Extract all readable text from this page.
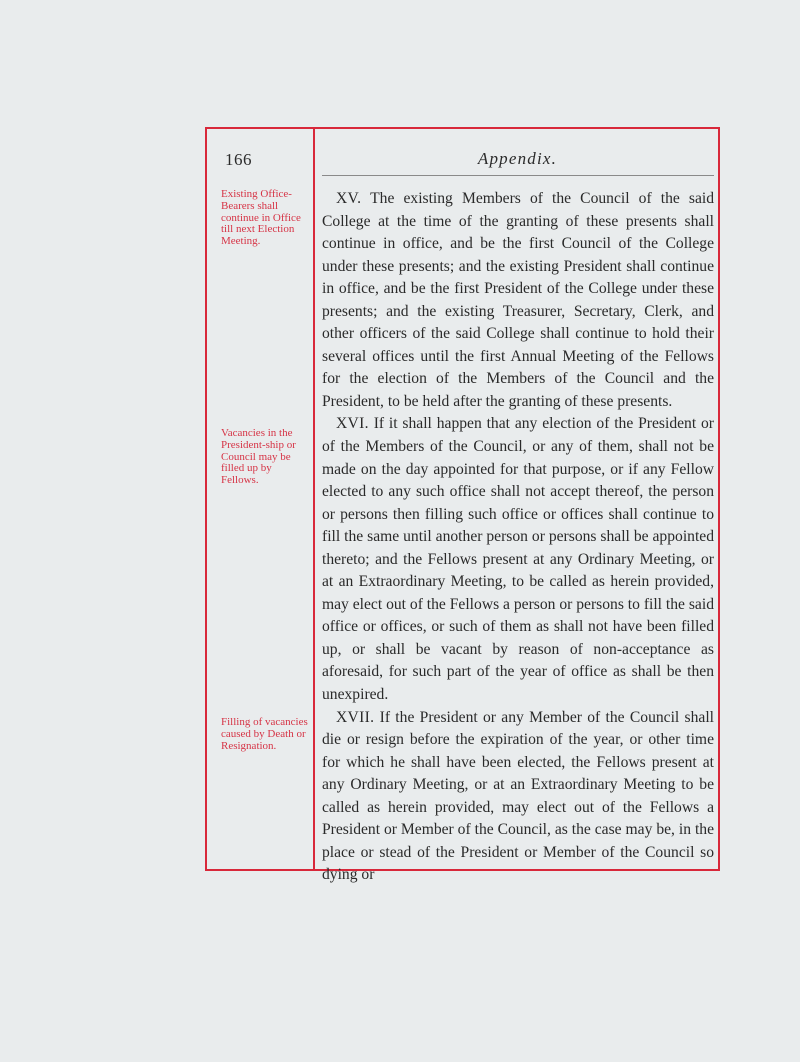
166	Appendix.
Existing Office-Bearers shall continue in Office till next Election Meeting.
Vacancies in the President-ship or Council may be filled up by Fellows.
Filling of vacancies caused by Death or Resignation.

XV. The existing Members of the Council of the said College at the time of the granting of these presents shall continue in office, and be the first Council of the College under these presents; and the existing President shall continue in office, and be the first President of the College under these presents; and the existing Treasurer, Secretary, Clerk, and other officers of the said College shall continue to hold their several offices until the first Annual Meeting of the Fellows for the election of the Members of the Council and the President, to be held after the granting of these presents.

XVI. If it shall happen that any election of the President or of the Members of the Council, or any of them, shall not be made on the day appointed for that purpose, or if any Fellow elected to any such office shall not accept thereof, the person or persons then filling such office or offices shall continue to fill the same until another person or persons shall be appointed thereto; and the Fellows present at any Ordinary Meeting, or at an Extraordinary Meeting, to be called as herein provided, may elect out of the Fellows a person or persons to fill the said office or offices, or such of them as shall not have been filled up, or shall be vacant by reason of non-acceptance as aforesaid, for such part of the year of office as shall be then unexpired.

XVII. If the President or any Member of the Council shall die or resign before the expiration of the year, or other time for which he shall have been elected, the Fellows present at any Ordinary Meeting, or at an Extraordinary Meeting to be called as herein provided, may elect out of the Fellows a President or Member of the Council, as the case may be, in the place or stead of the President or Member of the Council so dying or
